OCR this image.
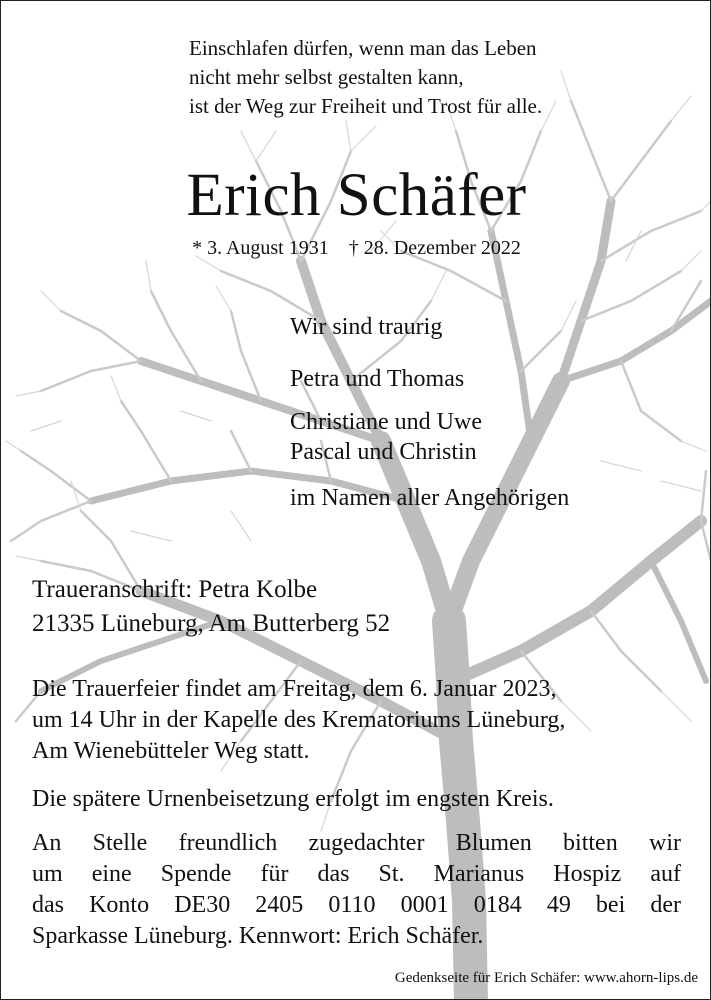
Einschlafen dürfen, wenn man das Leben
nicht mehr selbst gestalten kann,
ist der Weg zur Freiheit und Trost für alle.
Erich Schäfer
* 3. August 1931 † 28. Dezember 2022
Wir sind traurig
Petra und Thomas
Christiane und Uwe
Pascal und Christin
im Namen aller Angehörigen
Traueranschrift: Petra Kolbe
21335 Lüneburg, Am Butterberg 52
Die Trauerfeier findet am Freitag, dem 6. Januar 2023,
um 14 Uhr in der Kapelle des Krematoriums Lüneburg,
Am Wienebütteler Weg statt.
Die spätere Urnenbeisetzung erfolgt im engsten Kreis.
An Stelle freundlich zugedachter Blumen bitten wir
um eine Spende für das St. Marianus Hospiz auf
das Konto DE30 2405 0110 0001 0184 49 bei der
Sparkasse Lüneburg. Kennwort: Erich Schäfer.
Gedenkseite für Erich Schäfer: www.ahorn-lips.de
